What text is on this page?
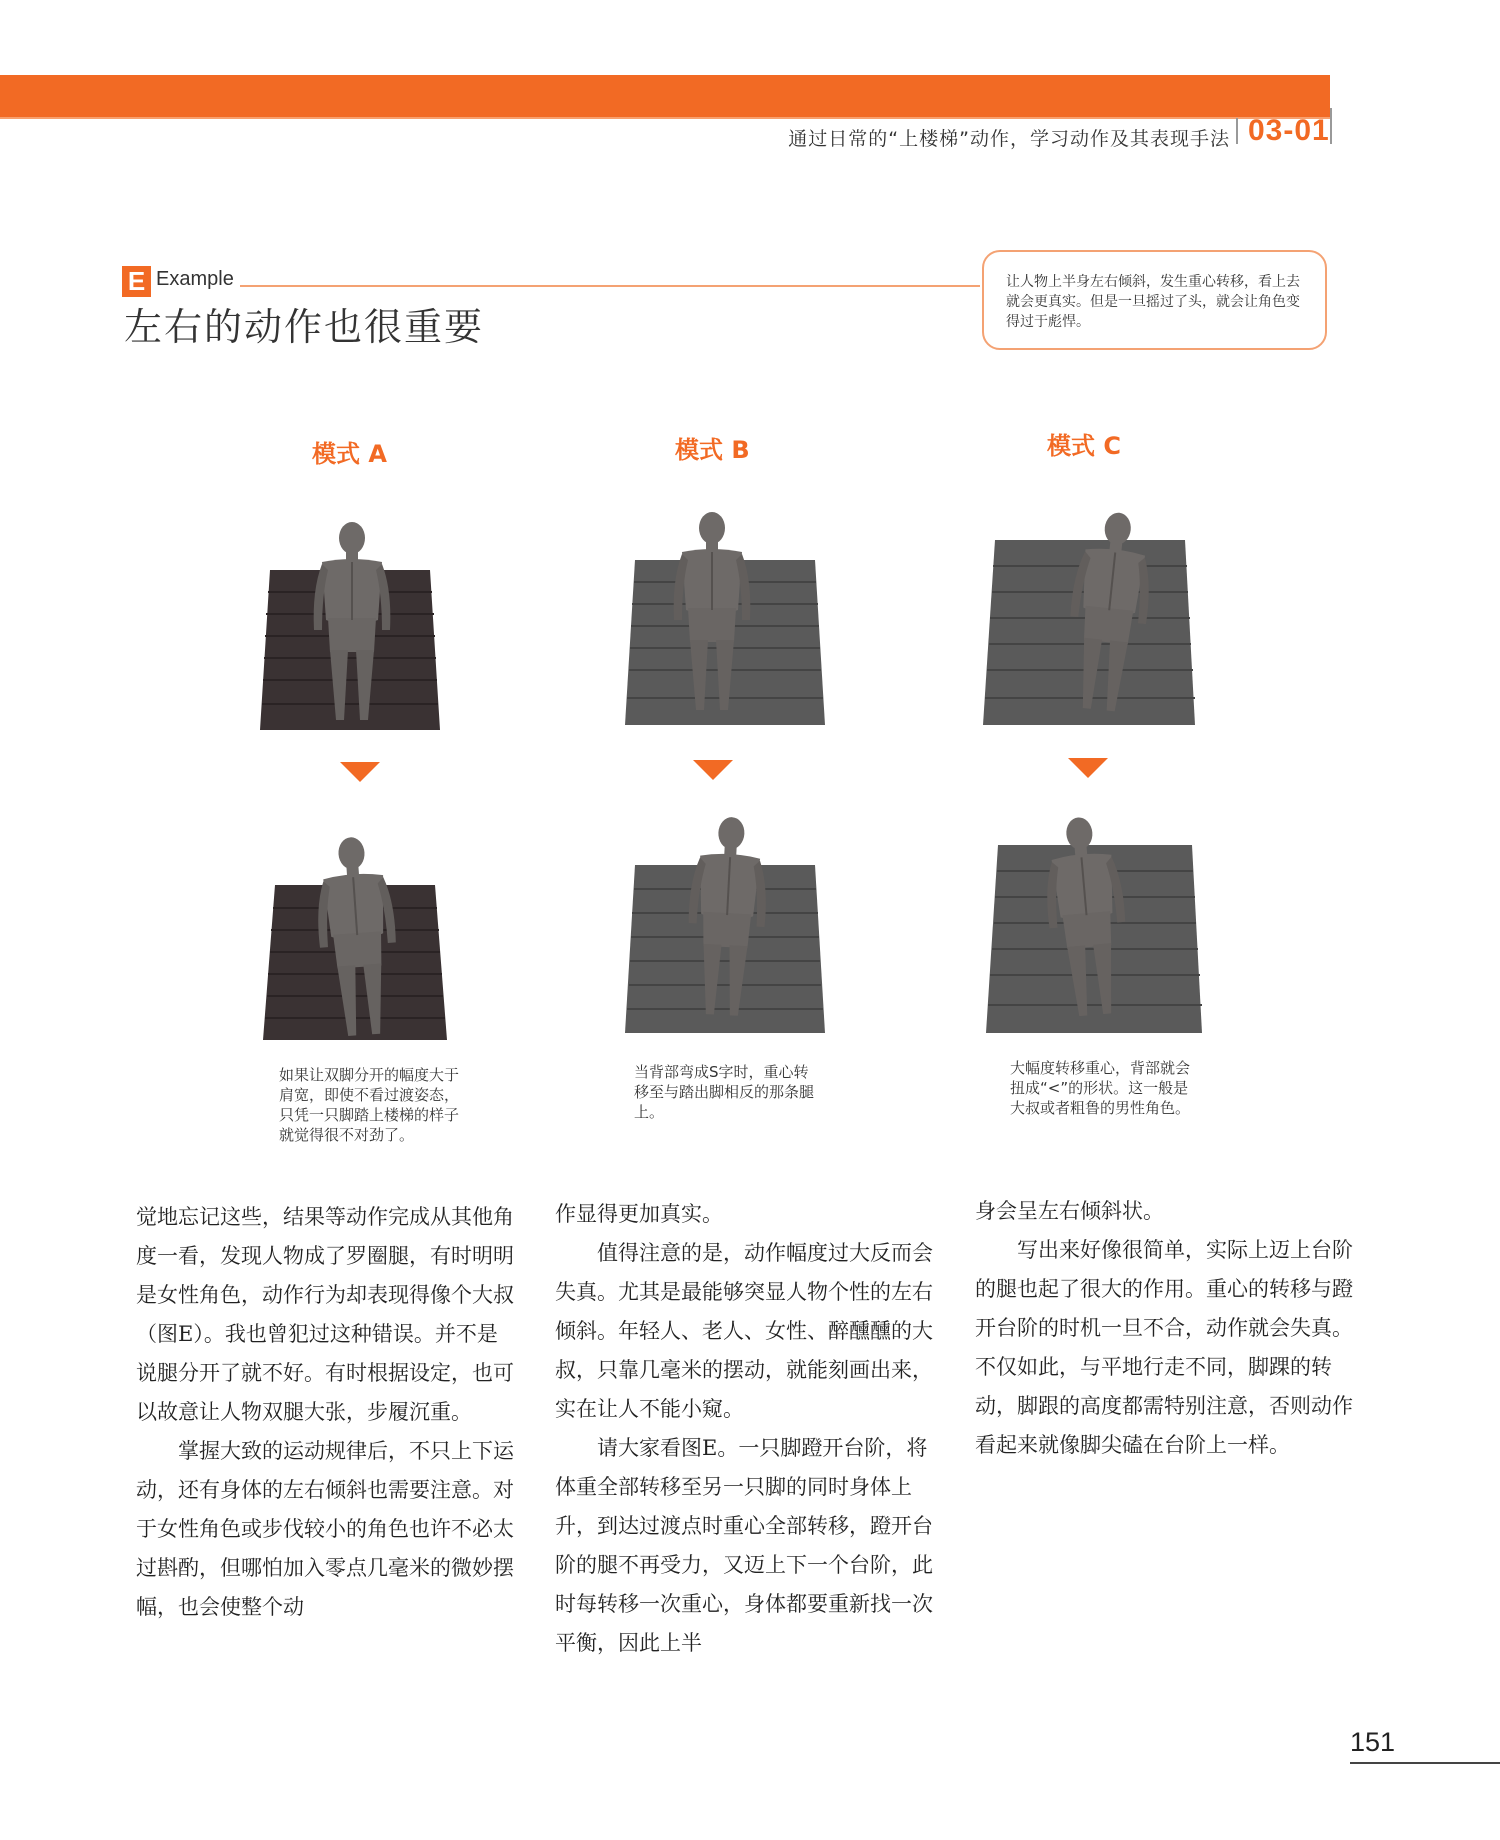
通过日常的“上楼梯”动作，学习动作及其表现手法 03-01
E Example
左右的动作也很重要
让人物上半身左右倾斜，发生重心转移，看上去就会更真实。但是一旦摇过了头，就会让角色变得过于彪悍。
模式 A	模式 B	模式 C
如果让双脚分开的幅度大于肩宽，即使不看过渡姿态，只凭一只脚踏上楼梯的样子就觉得很不对劲了。
当背部弯成S字时，重心转移至与踏出脚相反的那条腿上。
大幅度转移重心，背部就会扭成“<”的形状。这一般是大叔或者粗鲁的男性角色。

觉地忘记这些，结果等动作完成从其他角度一看，发现人物成了罗圈腿，有时明明是女性角色，动作行为却表现得像个大叔（图E）。我也曾犯过这种错误。并不是说腿分开了就不好。有时根据设定，也可以故意让人物双腿大张，步履沉重。

掌握大致的运动规律后，不只上下运动，还有身体的左右倾斜也需要注意。对于女性角色或步伐较小的角色也许不必太过斟酌，但哪怕加入零点几毫米的微妙摆幅，也会使整个动

作显得更加真实。

值得注意的是，动作幅度过大反而会失真。尤其是最能够突显人物个性的左右倾斜。年轻人、老人、女性、醉醺醺的大叔，只靠几毫米的摆动，就能刻画出来，实在让人不能小窥。

请大家看图E。一只脚蹬开台阶，将体重全部转移至另一只脚的同时身体上升，到达过渡点时重心全部转移，蹬开台阶的腿不再受力，又迈上下一个台阶，此时每转移一次重心，身体都要重新找一次平衡，因此上半

身会呈左右倾斜状。

写出来好像很简单，实际上迈上台阶的腿也起了很大的作用。重心的转移与蹬开台阶的时机一旦不合，动作就会失真。不仅如此，与平地行走不同，脚踝的转动，脚跟的高度都需特别注意，否则动作看起来就像脚尖磕在台阶上一样。

151
